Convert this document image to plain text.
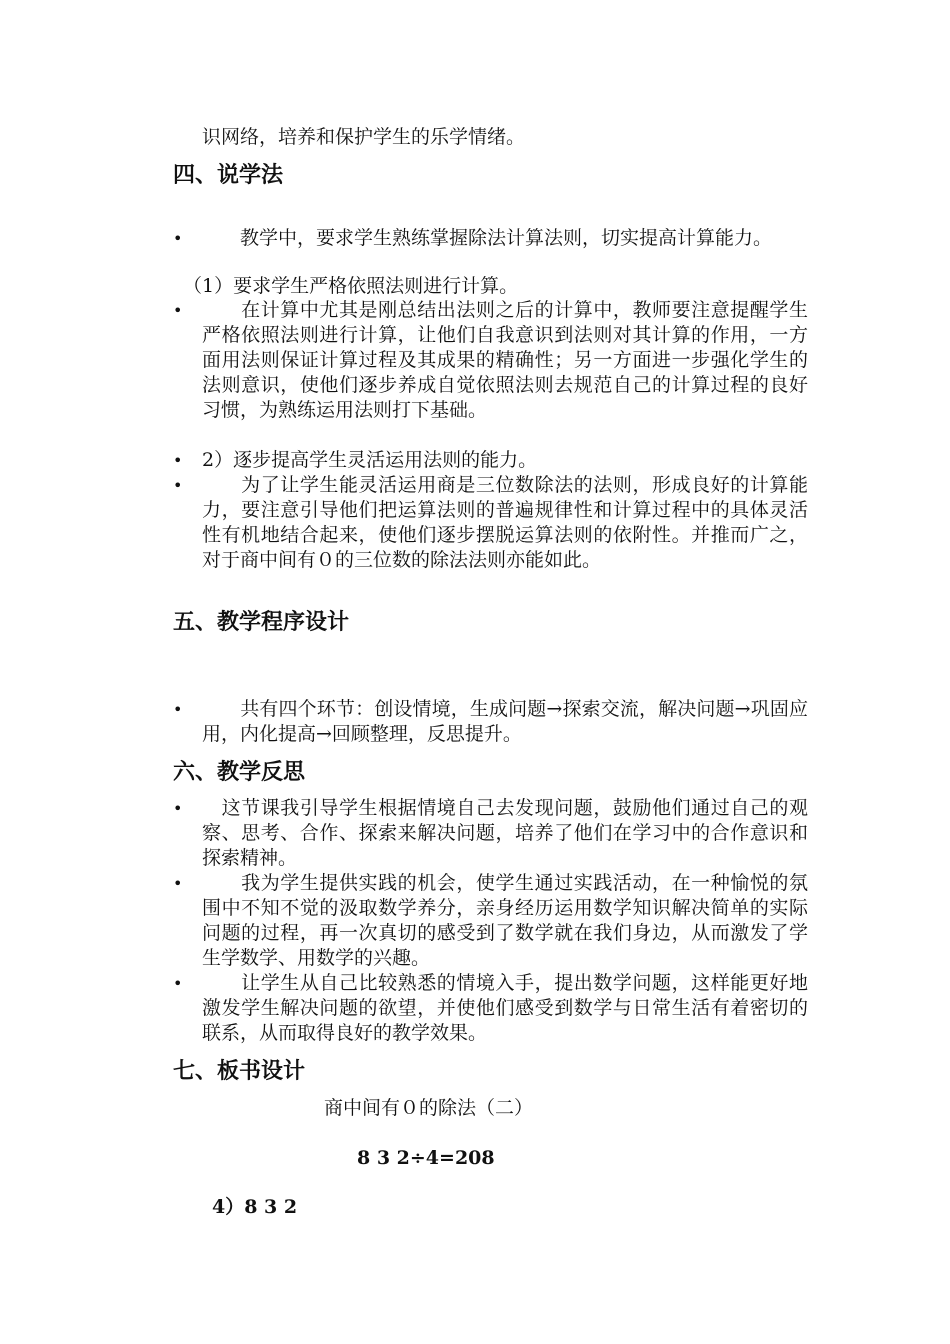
识网络，培养和保护学生的乐学情绪。
四、说学法
• 　　教学中，要求学生熟练掌握除法计算法则，切实提高计算能力。
（1）要求学生严格依照法则进行计算。
• 　　在计算中尤其是刚总结出法则之后的计算中，教师要注意提醒学生严格依照法则进行计算，让他们自我意识到法则对其计算的作用，一方面用法则保证计算过程及其成果的精确性；另一方面进一步强化学生的法则意识，使他们逐步养成自觉依照法则去规范自己的计算过程的良好习惯，为熟练运用法则打下基础。
• 2）逐步提高学生灵活运用法则的能力。
• 　　为了让学生能灵活运用商是三位数除法的法则，形成良好的计算能力，要注意引导他们把运算法则的普遍规律性和计算过程中的具体灵活性有机地结合起来，使他们逐步摆脱运算法则的依附性。并推而广之，对于商中间有０的三位数的除法法则亦能如此。
五、教学程序设计
• 　　共有四个环节：创设情境，生成问题→探索交流，解决问题→巩固应用，内化提高→回顾整理，反思提升。
六、教学反思
• 　这节课我引导学生根据情境自己去发现问题，鼓励他们通过自己的观察、思考、合作、探索来解决问题，培养了他们在学习中的合作意识和探索精神。
• 　　我为学生提供实践的机会，使学生通过实践活动，在一种愉悦的氛围中不知不觉的汲取数学养分，亲身经历运用数学知识解决简单的实际问题的过程，再一次真切的感受到了数学就在我们身边，从而激发了学生学数学、用数学的兴趣。
• 　　让学生从自己比较熟悉的情境入手，提出数学问题，这样能更好地激发学生解决问题的欲望，并使他们感受到数学与日常生活有着密切的联系，从而取得良好的教学效果。
七、板书设计
商中间有０的除法（二）
8 3 2÷4=208
4）8 3 2
